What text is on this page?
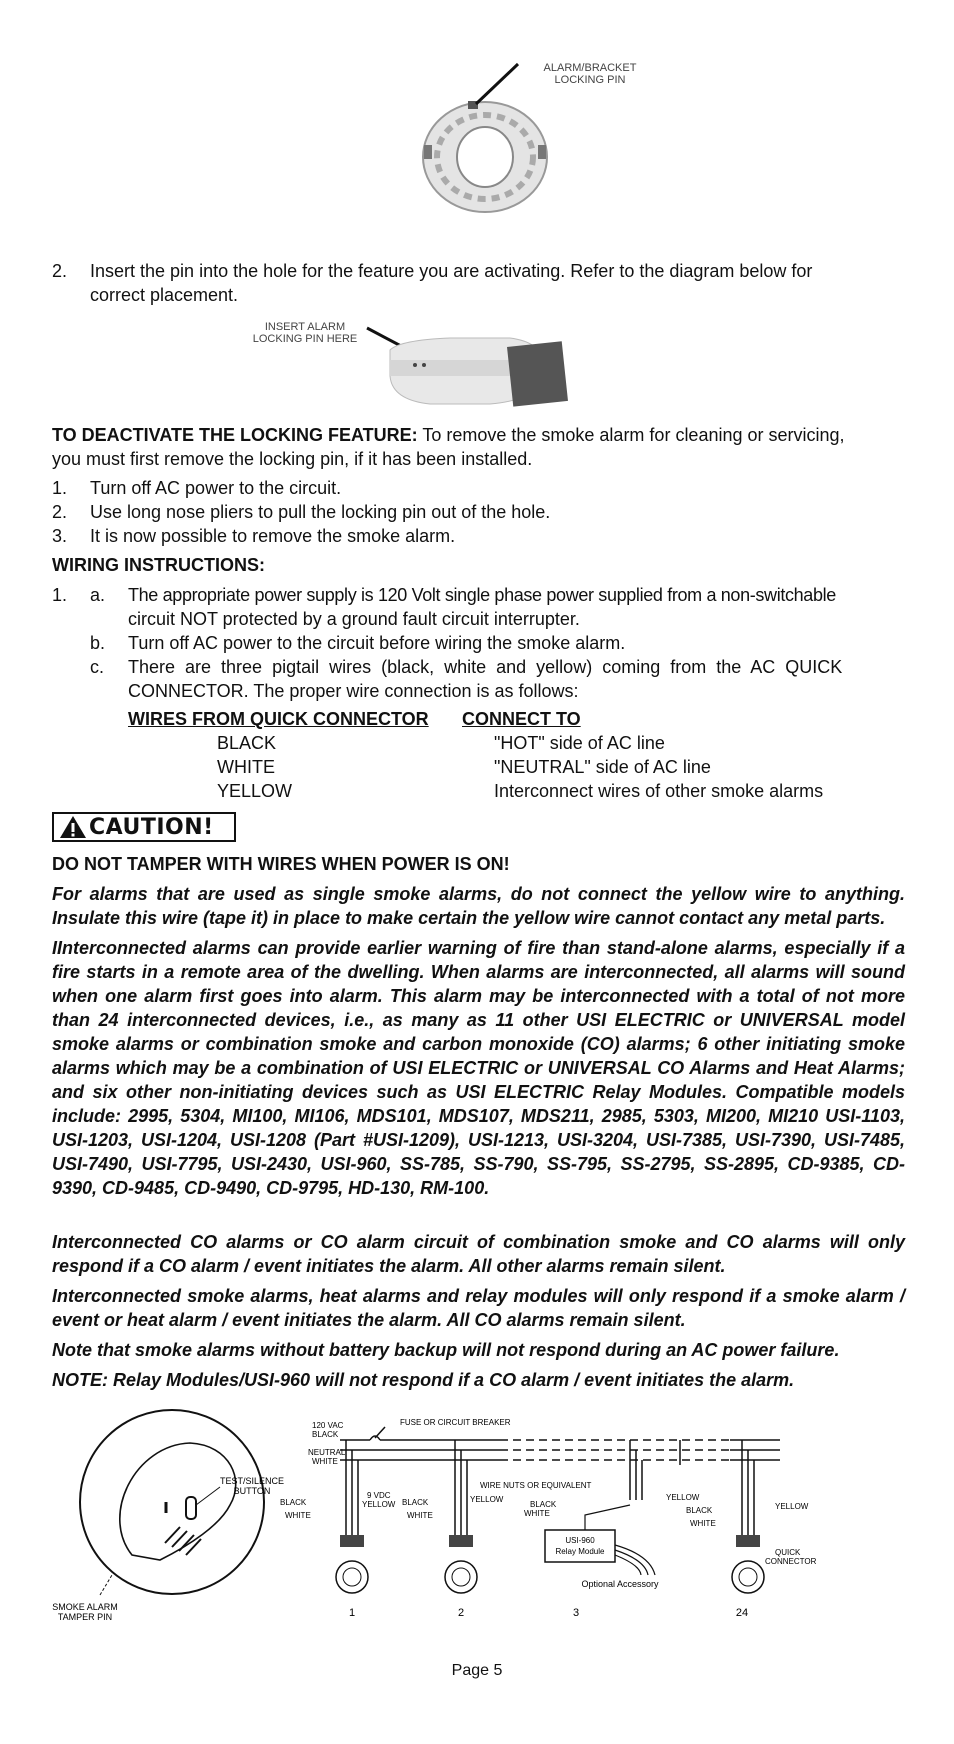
ALARM/BRACKET
LOCKING PIN
2. Insert the pin into the hole for the feature you are activating. Refer to the diagram below for
correct placement.
INSERT ALARM
LOCKING PIN HERE
TO DEACTIVATE THE LOCKING FEATURE: To remove the smoke alarm for cleaning or servicing,
you must first remove the locking pin, if it has been installed.
1. Turn off AC power to the circuit.
2. Use long nose pliers to pull the locking pin out of the hole.
3. It is now possible to remove the smoke alarm.
WIRING INSTRUCTIONS:
1. a. The appropriate power supply is 120 Volt single phase power supplied from a non-switchable
circuit NOT protected by a ground fault circuit interrupter.
b. Turn off AC power to the circuit before wiring the smoke alarm.
c. There are three pigtail wires (black, white and yellow) coming from the AC QUICK
CONNECTOR. The proper wire connection is as follows:
WIRES FROM QUICK CONNECTOR CONNECT TO
BLACK	"HOT" side of AC line
WHITE	"NEUTRAL" side of AC line
YELLOW	Interconnect wires of other smoke alarms
CAUTION!
DO NOT TAMPER WITH WIRES WHEN POWER IS ON!
For alarms that are used as single smoke alarms, do not connect the yellow wire to anything. Insulate this wire (tape it) in place to make certain the yellow wire cannot contact any metal parts.
IInterconnected alarms can provide earlier warning of fire than stand-alone alarms, especially if a fire starts in a remote area of the dwelling. When alarms are interconnected, all alarms will sound when one alarm first goes into alarm. This alarm may be interconnected with a total of not more than 24 interconnected devices, i.e., as many as 11 other USI ELECTRIC or UNIVERSAL model smoke alarms or combination smoke and carbon monoxide (CO) alarms; 6 other initiating smoke alarms which may be a combination of USI ELECTRIC or UNIVERSAL CO Alarms and Heat Alarms; and six other non-initiating devices such as USI ELECTRIC Relay Modules. Compatible models include: 2995, 5304, MI100, MI106, MDS101, MDS107, MDS211, 2985, 5303, MI200, MI210 USI-1103, USI-1203, USI-1204, USI-1208 (Part #USI-1209), USI-1213, USI-3204, USI-7385, USI-7390, USI-7485, USI-7490, USI-7795, USI-2430, USI-960, SS-785, SS-790, SS-795, SS-2795, SS-2895, CD-9385, CD-9390, CD-9485, CD-9490, CD-9795, HD-130, RM-100.
Interconnected CO alarms or CO alarm circuit of combination smoke and CO alarms will only respond if a CO alarm / event initiates the alarm. All other alarms remain silent.
Interconnected smoke alarms, heat alarms and relay modules will only respond if a smoke alarm / event or heat alarm / event initiates the alarm. All CO alarms remain silent.
Note that smoke alarms without battery backup will not respond during an AC power failure.
NOTE: Relay Modules/USI-960 will not respond if a CO alarm / event initiates the alarm.
TEST/SILENCE
BUTTON
SMOKE ALARM
TAMPER PIN
120 VAC
BLACK
NEUTRAL
WHITE
FUSE OR CIRCUIT BREAKER
BLACK
WHITE
9 VDC
YELLOW BLACK
WHITE
WIRE NUTS OR EQUIVALENT
YELLOW
BLACK
WHITE
YELLOW
BLACK
WHITE
YELLOW
QUICK
CONNECTOR
USI-960
Relay Module
Optional Accessory
1	2	3	24
Page 5
